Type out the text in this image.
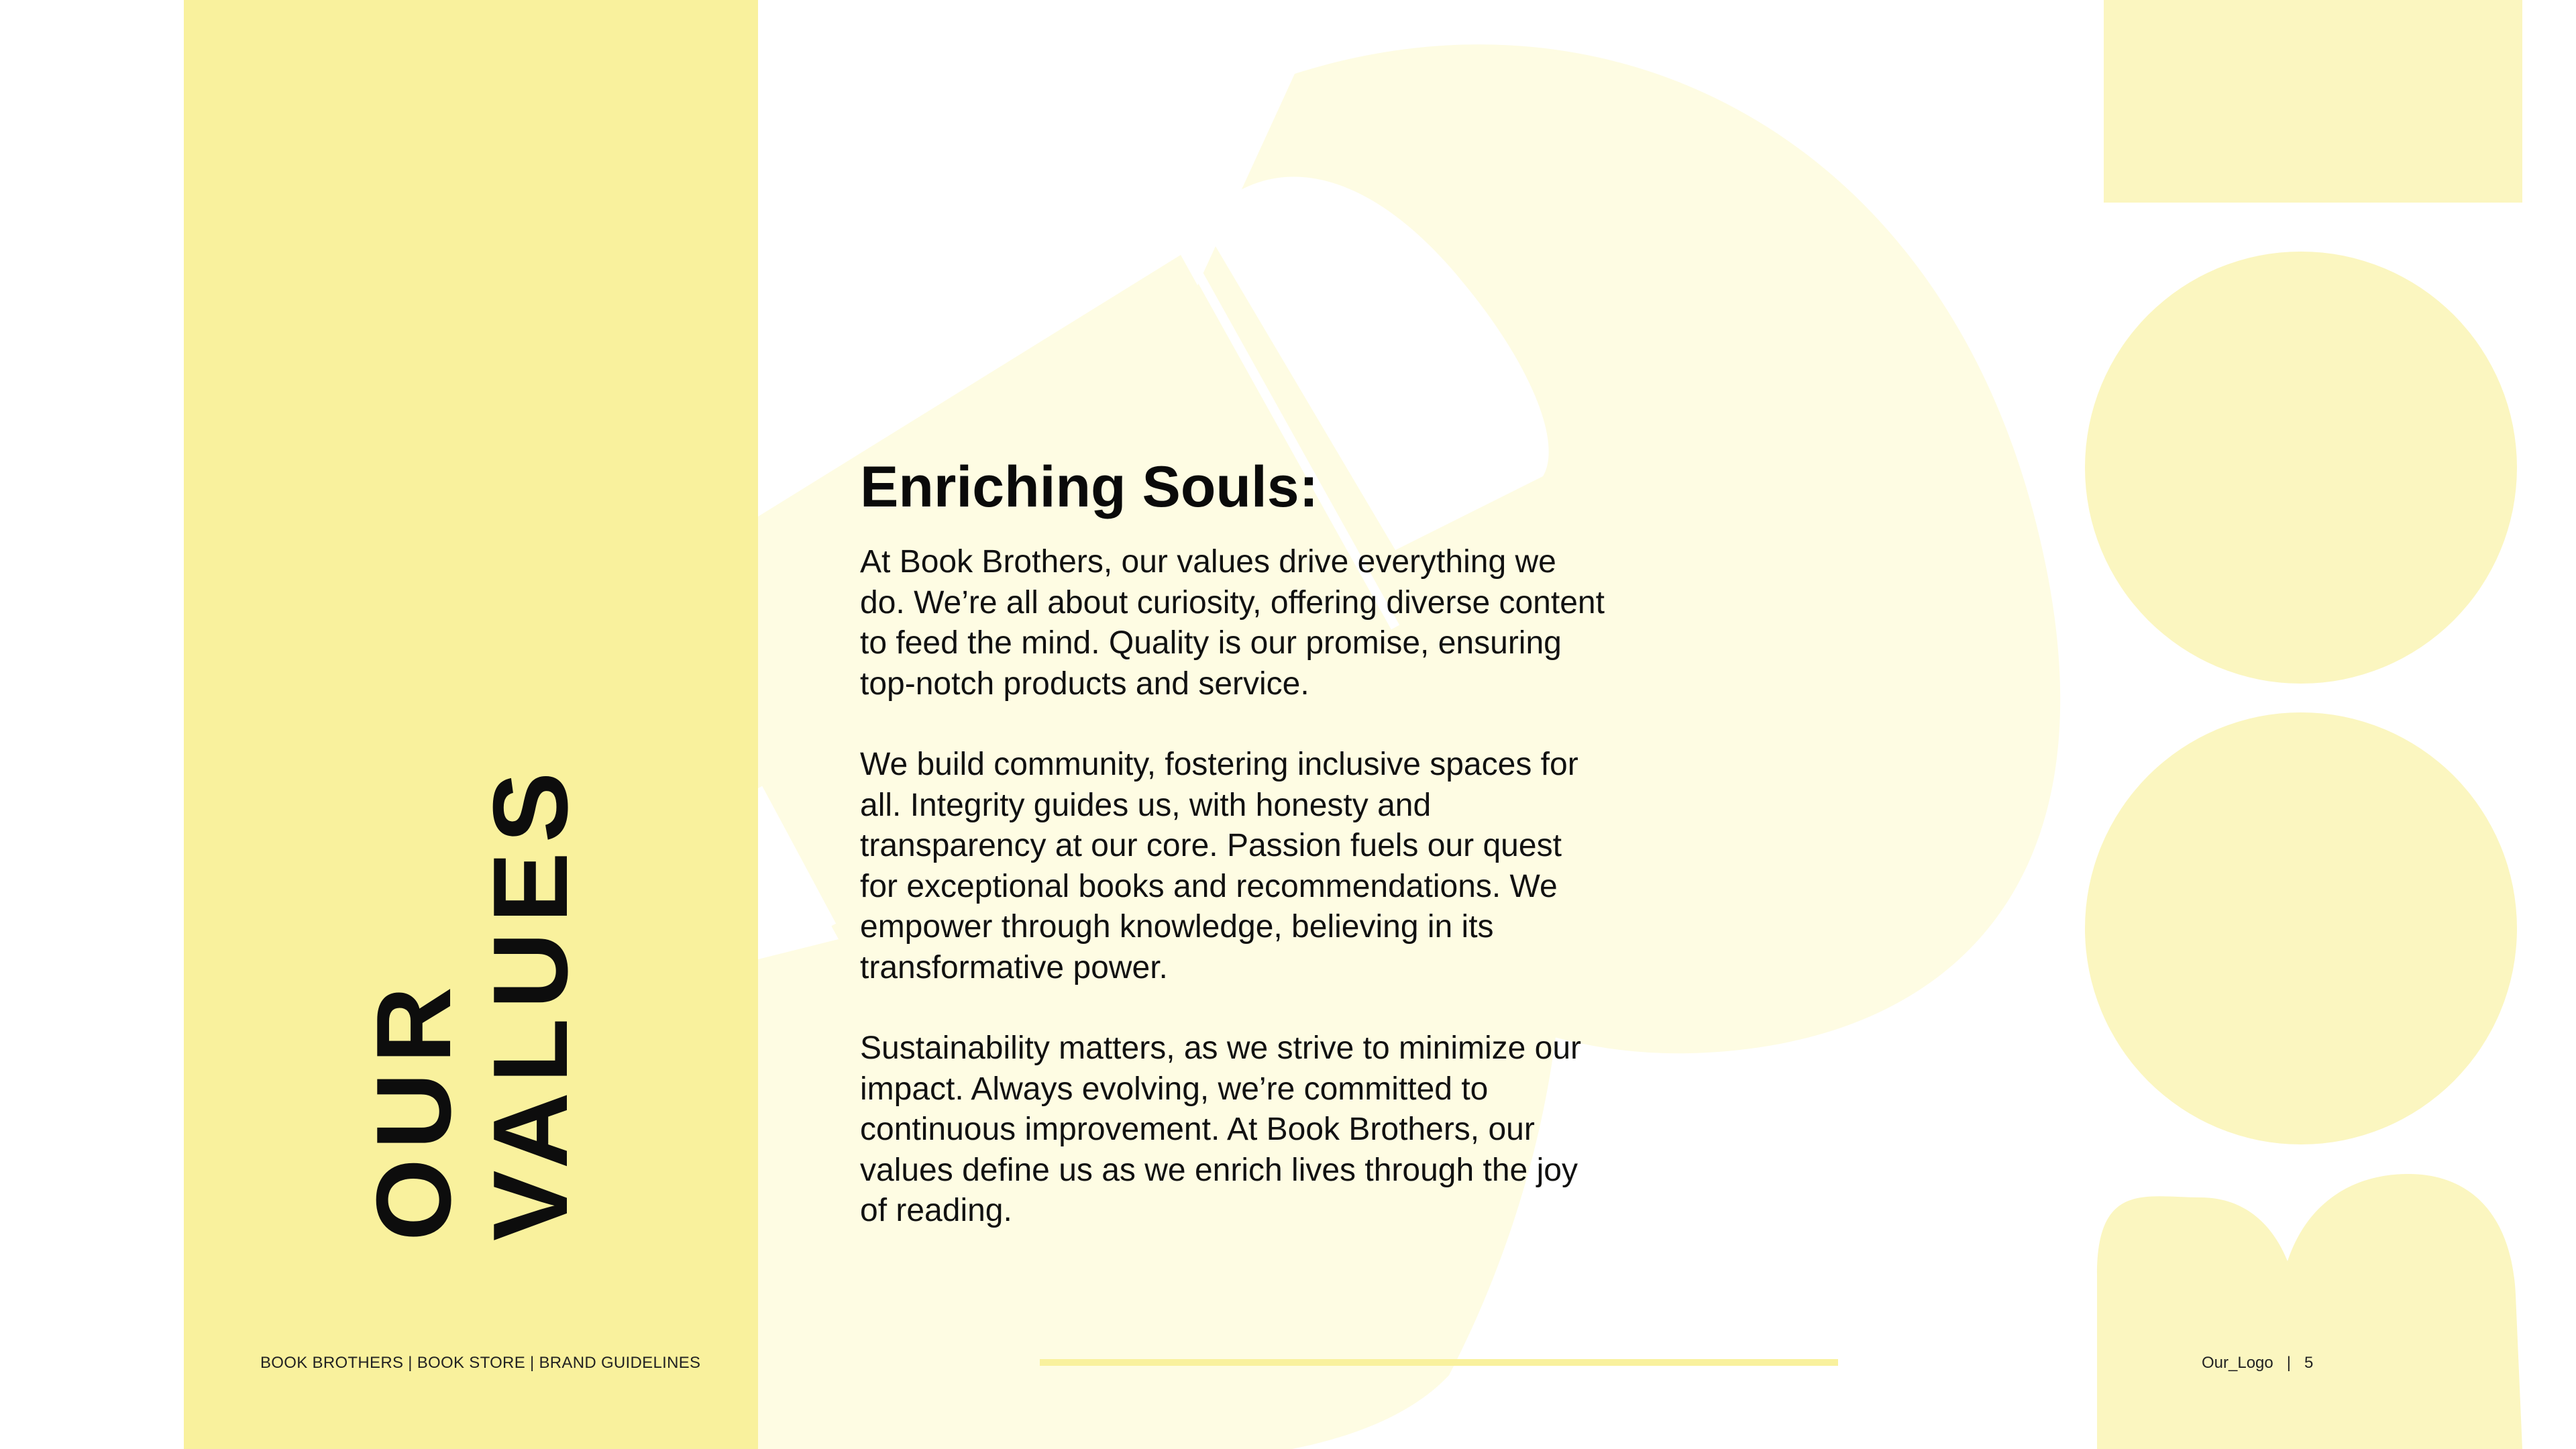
OUR
VALUES
BOOK BROTHERS | BOOK STORE | BRAND GUIDELINES
Enriching Souls:

At Book Brothers, our values drive everything we do. We’re all about curiosity, offering diverse content to feed the mind. Quality is our promise, ensuring top-notch products and service.

We build community, fostering inclusive spaces for all. Integrity guides us, with honesty and transparency at our core. Passion fuels our quest for exceptional books and recommendations. We empower through knowledge, believing in its transformative power.

Sustainability matters, as we strive to minimize our impact. Always evolving, we’re committed to continuous improvement. At Book Brothers, our values define us as we enrich lives through the joy of reading.

Our_Logo | 5
